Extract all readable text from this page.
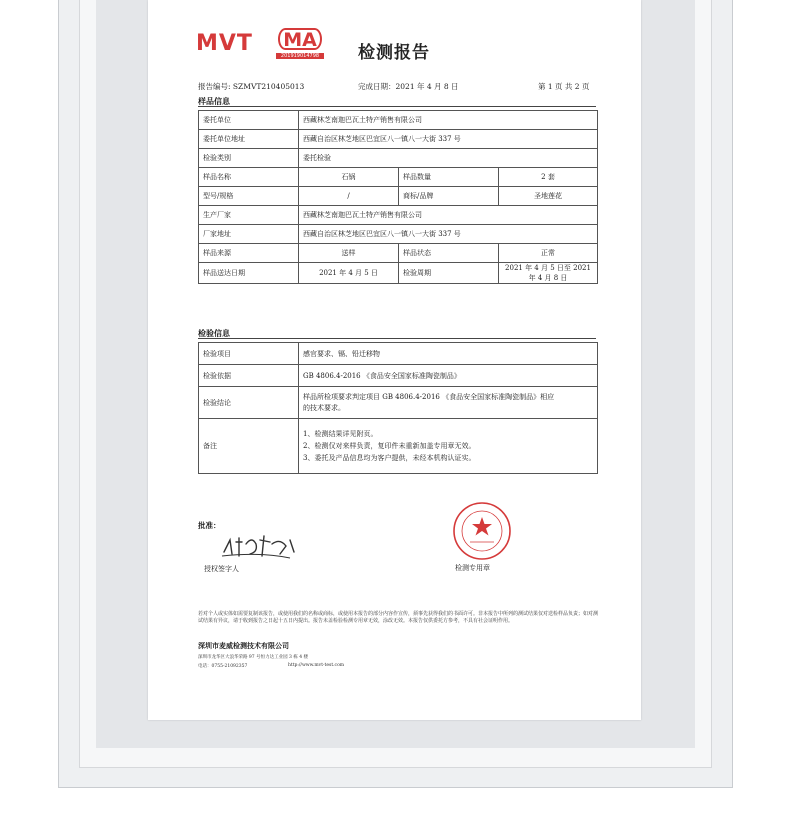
MVT	MA
201919014798 检测报告
报告编号: SZMVT210405013	完成日期：2021 年 4 月 8 日	第 1 页 共 2 页
样品信息
委托单位	西藏林芝南迦巴瓦土特产销售有限公司		
委托单位地址	西藏自治区林芝地区巴宜区八一镇八一大街 337 号		
检验类别	委托检验		
样品名称	石锅	样品数量	2 套
型号/规格	/	商标/品牌	圣地莲花
生产厂家	西藏林芝南迦巴瓦土特产销售有限公司		
厂家地址	西藏自治区林芝地区巴宜区八一镇八一大街 337 号		
样品来源	送样	样品状态	正常
样品送达日期	2021 年 4 月 5 日	检验周期	2021 年 4 月 5 日至 2021 年 4 月 8 日
检验信息
检验项目	感官要求、镉、铅迁移物
检验依据	GB 4806.4-2016 《食品安全国家标准陶瓷制品》
检验结论	样品所检项要求判定项目 GB 4806.4-2016 《食品安全国家标准陶瓷制品》相应
的技术要求。

备注	1、检测结果详见附页。
2、检测仅对来样负责，复印件未重新加盖专用章无效。
3、委托及产品信息均为客户提供，未经本机构认证实。
批准：
授权签字人	检测专用章
若对个人或实体如需要复制该报告，或使用我们的名称或商标，或使用本报告的部分内容作宣传，须事先获得我们的书面许可。非本报告中所列的测试结果仅对送检样品负责；如对测试结果有异议，请于收到报告之日起十五日内提出。报告未盖检验检测专用章无效，涂改无效。本报告仅供委托方参考，不具有社会证明作用。
深圳市麦威检测技术有限公司
深圳市龙华区大浪华荣路 97 号恒力达工业园 3 栋 4 楼
电话：0755-21092357	http://www.mvt-test.com
